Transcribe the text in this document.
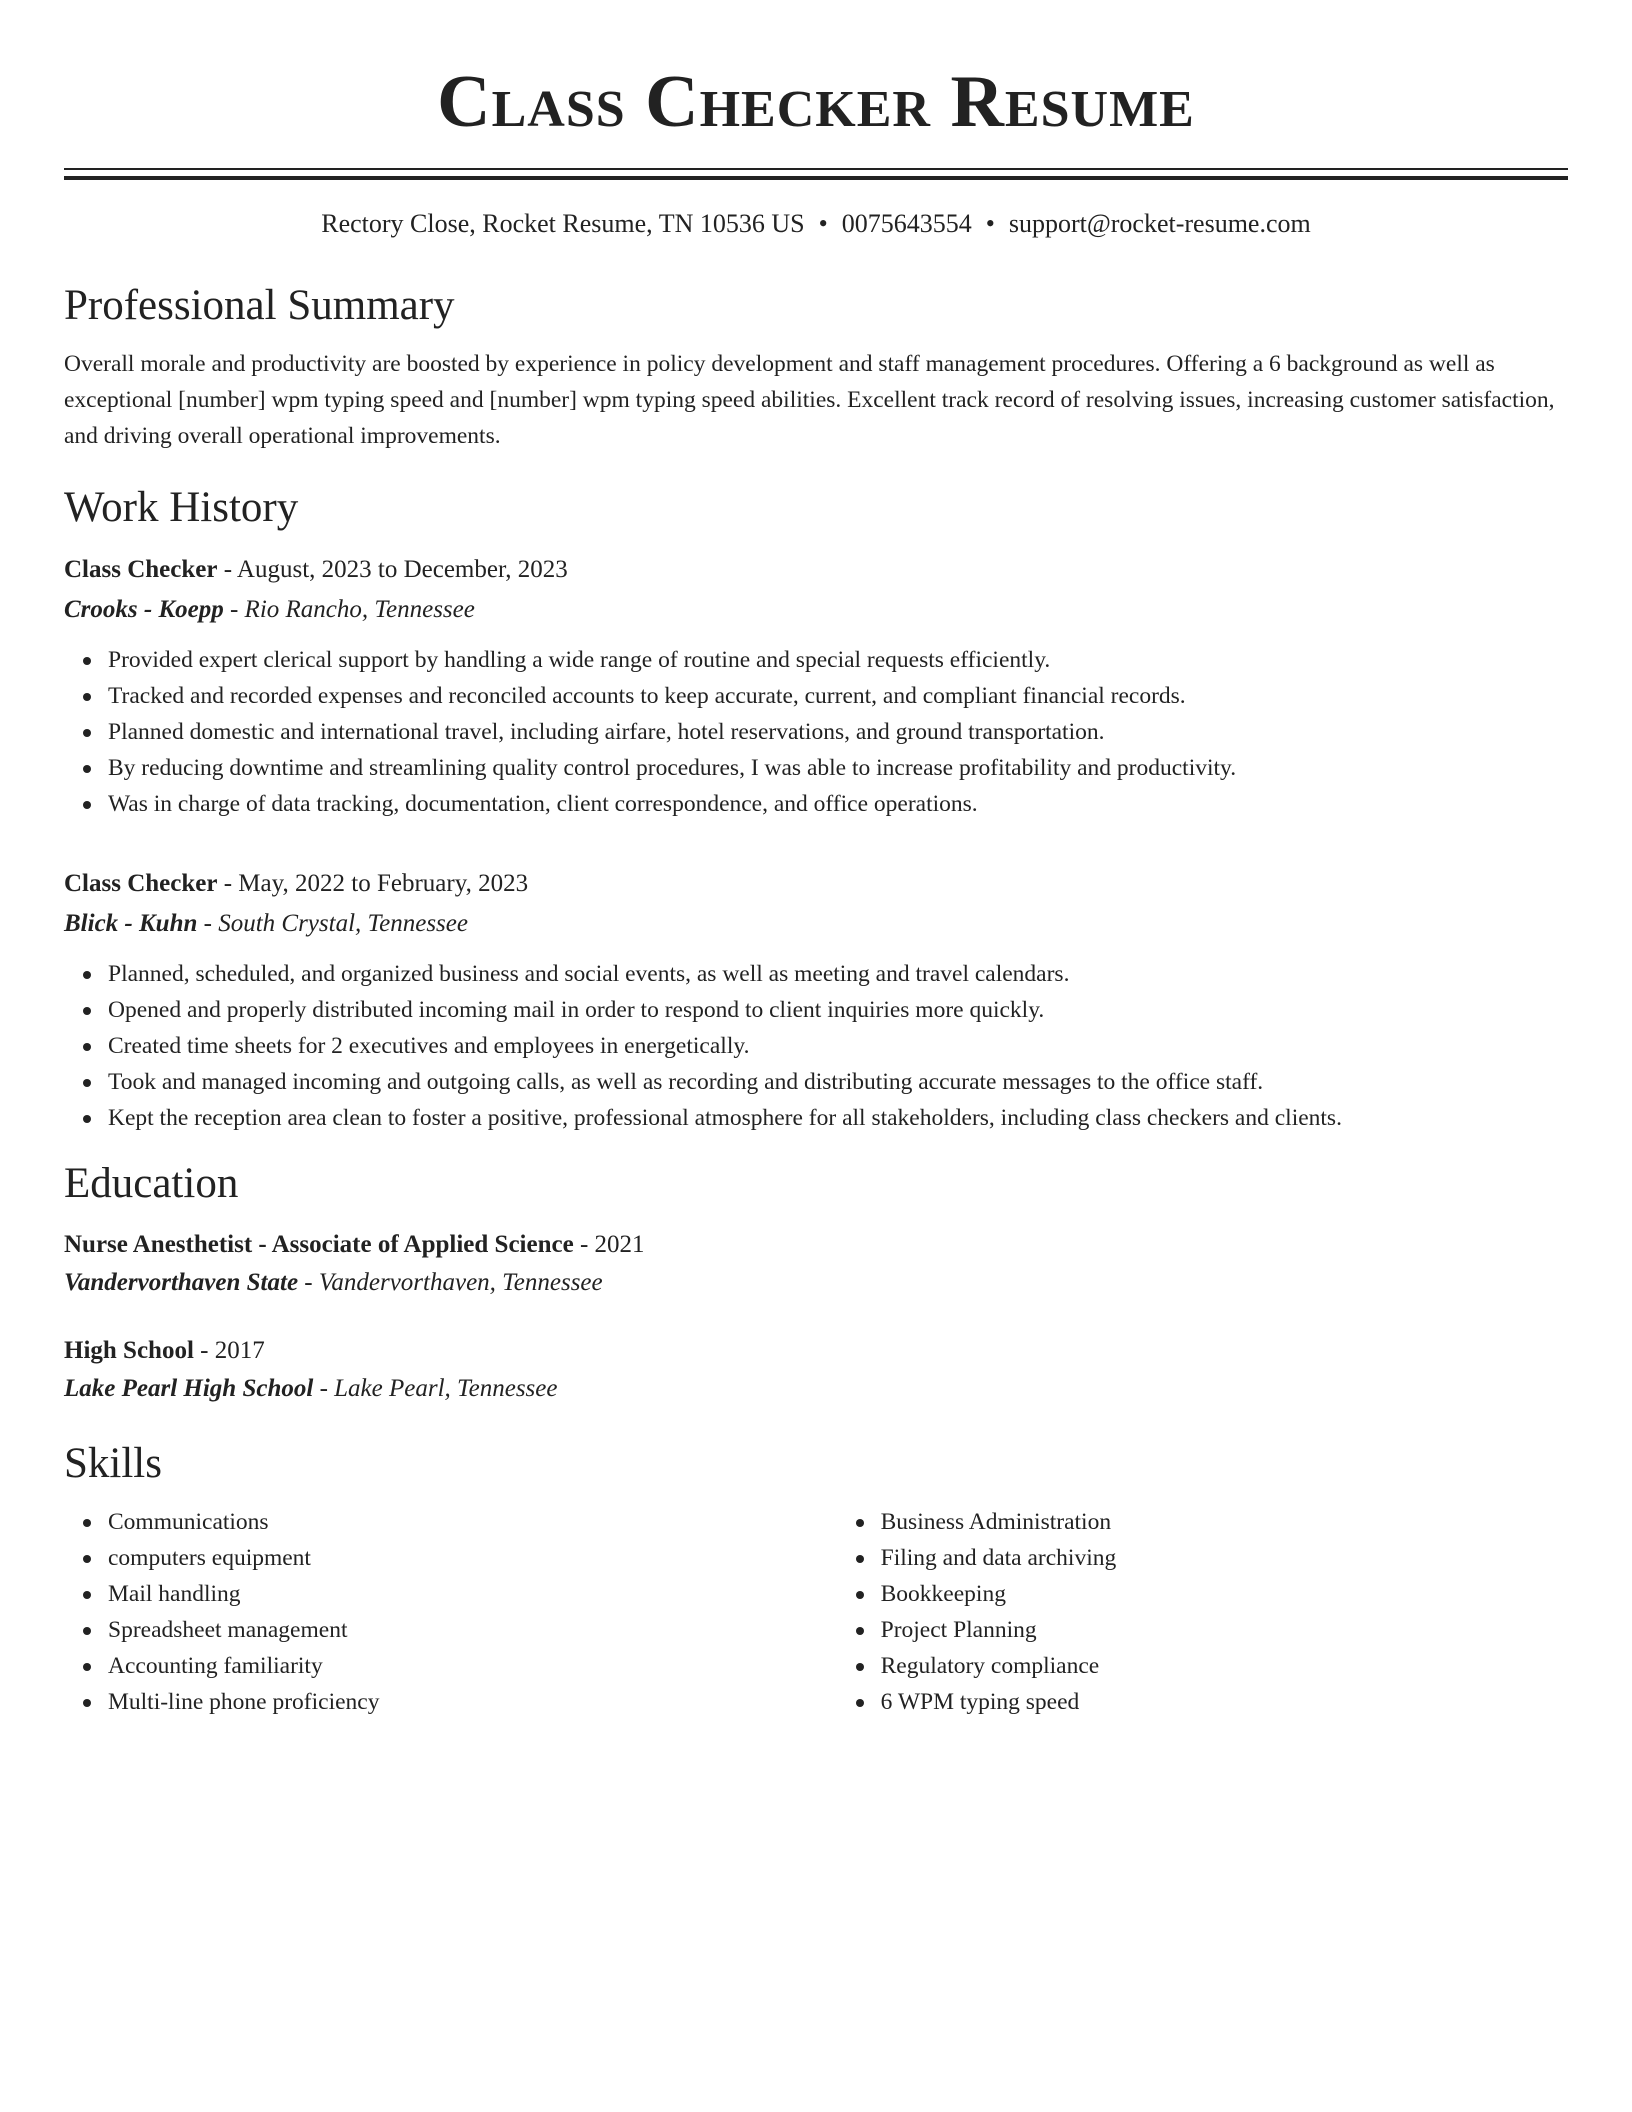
Class Checker Resume
Rectory Close, Rocket Resume, TN 10536 US • 0075643554 • support@rocket-resume.com
Professional Summary

Overall morale and productivity are boosted by experience in policy development and staff management procedures. Offering a 6 background as well as exceptional [number] wpm typing speed and [number] wpm typing speed abilities. Excellent track record of resolving issues, increasing customer satisfaction, and driving overall operational improvements.

Work History
Class Checker - August, 2023 to December, 2023
Crooks - Koepp - Rio Rancho, Tennessee
Provided expert clerical support by handling a wide range of routine and special requests efficiently.
Tracked and recorded expenses and reconciled accounts to keep accurate, current, and compliant financial records.
Planned domestic and international travel, including airfare, hotel reservations, and ground transportation.
By reducing downtime and streamlining quality control procedures, I was able to increase profitability and productivity.
Was in charge of data tracking, documentation, client correspondence, and office operations.
Class Checker - May, 2022 to February, 2023
Blick - Kuhn - South Crystal, Tennessee
Planned, scheduled, and organized business and social events, as well as meeting and travel calendars.
Opened and properly distributed incoming mail in order to respond to client inquiries more quickly.
Created time sheets for 2 executives and employees in energetically.
Took and managed incoming and outgoing calls, as well as recording and distributing accurate messages to the office staff.
Kept the reception area clean to foster a positive, professional atmosphere for all stakeholders, including class checkers and clients.
Education
Nurse Anesthetist - Associate of Applied Science - 2021
Vandervorthaven State - Vandervorthaven, Tennessee
High School - 2017
Lake Pearl High School - Lake Pearl, Tennessee
Skills
Communications
computers equipment
Mail handling
Spreadsheet management
Accounting familiarity
Multi-line phone proficiency
Business Administration
Filing and data archiving
Bookkeeping
Project Planning
Regulatory compliance
6 WPM typing speed
